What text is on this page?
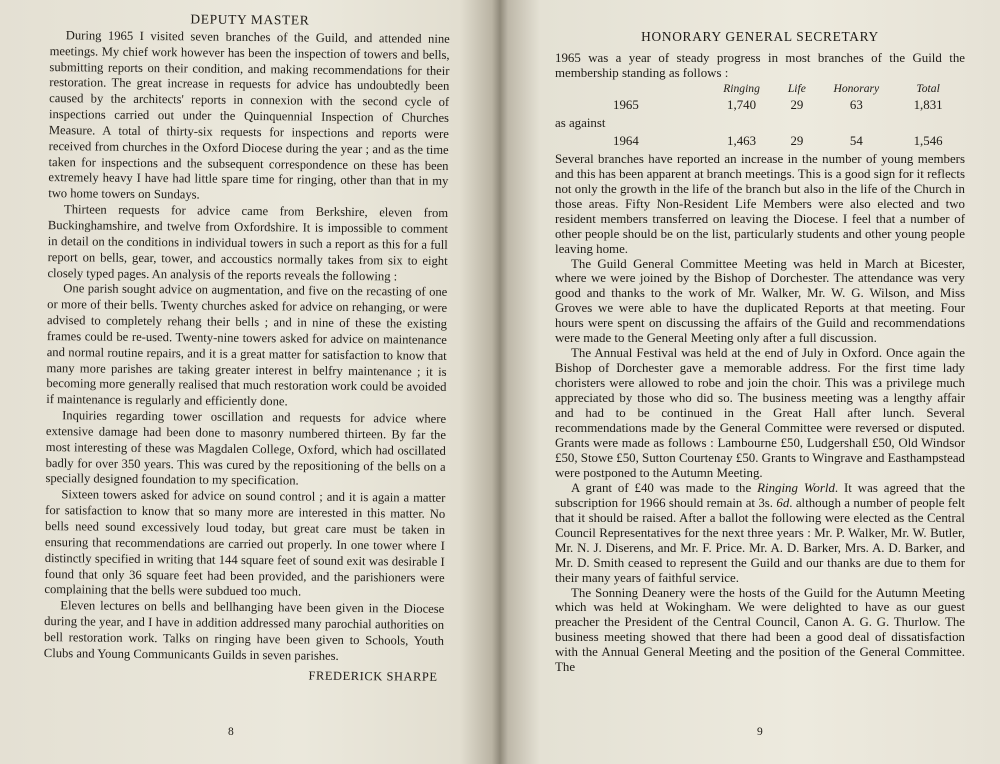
DEPUTY MASTER

During 1965 I visited seven branches of the Guild, and attended nine meetings. My chief work however has been the inspection of towers and bells, submitting reports on their condition, and making recommendations for their restoration. The great increase in requests for advice has undoubtedly been caused by the architects' reports in connexion with the second cycle of inspections carried out under the Quinquennial Inspection of Churches Measure. A total of thirty-six requests for inspections and reports were received from churches in the Oxford Diocese during the year ; and as the time taken for inspections and the subsequent correspondence on these has been extremely heavy I have had little spare time for ringing, other than that in my two home towers on Sundays.

Thirteen requests for advice came from Berkshire, eleven from Buckinghamshire, and twelve from Oxfordshire. It is impossible to comment in detail on the conditions in individual towers in such a report as this for a full report on bells, gear, tower, and accoustics normally takes from six to eight closely typed pages. An analysis of the reports reveals the following :

One parish sought advice on augmentation, and five on the recasting of one or more of their bells. Twenty churches asked for advice on rehanging, or were advised to completely rehang their bells ; and in nine of these the existing frames could be re-used. Twenty-nine towers asked for advice on maintenance and normal routine repairs, and it is a great matter for satisfaction to know that many more parishes are taking greater interest in belfry maintenance ; it is becoming more generally realised that much restoration work could be avoided if maintenance is regularly and efficiently done.

Inquiries regarding tower oscillation and requests for advice where extensive damage had been done to masonry numbered thirteen. By far the most interesting of these was Magdalen College, Oxford, which had oscillated badly for over 350 years. This was cured by the repositioning of the bells on a specially designed foundation to my specification.

Sixteen towers asked for advice on sound control ; and it is again a matter for satisfaction to know that so many more are interested in this matter. No bells need sound excessively loud today, but great care must be taken in ensuring that recommendations are carried out properly. In one tower where I distinctly specified in writing that 144 square feet of sound exit was desirable I found that only 36 square feet had been provided, and the parishioners were complaining that the bells were subdued too much.

Eleven lectures on bells and bellhanging have been given in the Diocese during the year, and I have in addition addressed many parochial authorities on bell restoration work. Talks on ringing have been given to Schools, Youth Clubs and Young Communicants Guilds in seven parishes.

FREDERICK SHARPE
8
HONORARY GENERAL SECRETARY

1965 was a year of steady progress in most branches of the Guild the membership standing as follows :

	Ringing	Life	Honorary	Total
1965	1,740	29	63	1,831
as against				
1964	1,463	29	54	1,546

Several branches have reported an increase in the number of young members and this has been apparent at branch meetings. This is a good sign for it reflects not only the growth in the life of the branch but also in the life of the Church in those areas. Fifty Non-Resident Life Members were also elected and two resident members transferred on leaving the Diocese. I feel that a number of other people should be on the list, particularly students and other young people leaving home.

The Guild General Committee Meeting was held in March at Bicester, where we were joined by the Bishop of Dorchester. The attendance was very good and thanks to the work of Mr. Walker, Mr. W. G. Wilson, and Miss Groves we were able to have the duplicated Reports at that meeting. Four hours were spent on discussing the affairs of the Guild and recommendations were made to the General Meeting only after a full discussion.

The Annual Festival was held at the end of July in Oxford. Once again the Bishop of Dorchester gave a memorable address. For the first time lady choristers were allowed to robe and join the choir. This was a privilege much appreciated by those who did so. The business meeting was a lengthy affair and had to be continued in the Great Hall after lunch. Several recommendations made by the General Committee were reversed or disputed. Grants were made as follows : Lambourne £50, Ludgershall £50, Old Windsor £50, Stowe £50, Sutton Courtenay £50. Grants to Wingrave and Easthampstead were postponed to the Autumn Meeting.

A grant of £40 was made to the Ringing World. It was agreed that the subscription for 1966 should remain at 3s. 6d. although a number of people felt that it should be raised. After a ballot the following were elected as the Central Council Representatives for the next three years : Mr. P. Walker, Mr. W. Butler, Mr. N. J. Diserens, and Mr. F. Price. Mr. A. D. Barker, Mrs. A. D. Barker, and Mr. D. Smith ceased to represent the Guild and our thanks are due to them for their many years of faithful service.

The Sonning Deanery were the hosts of the Guild for the Autumn Meeting which was held at Wokingham. We were delighted to have as our guest preacher the President of the Central Council, Canon A. G. G. Thurlow. The business meeting showed that there had been a good deal of dissatisfaction with the Annual General Meeting and the position of the General Committee. The

9
